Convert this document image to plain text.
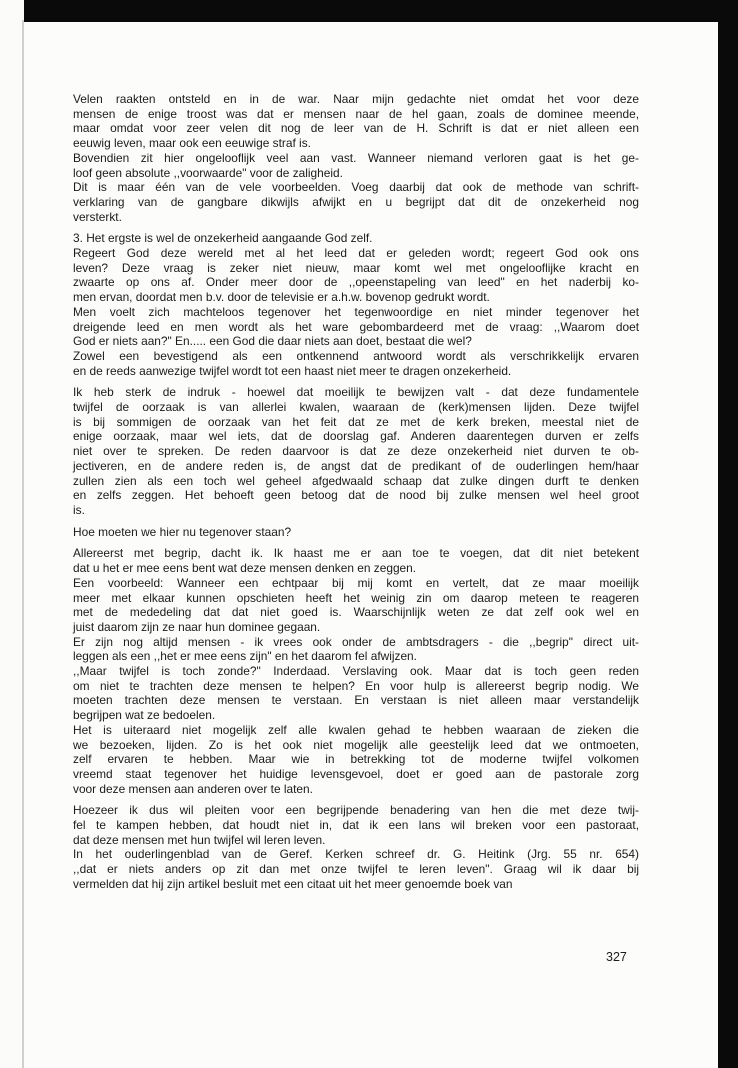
Velen raakten ontsteld en in de war. Naar mijn gedachte niet omdat het voor deze
mensen de enige troost was dat er mensen naar de hel gaan, zoals de dominee meende,
maar omdat voor zeer velen dit nog de leer van de H. Schrift is dat er niet alleen een
eeuwig leven, maar ook een eeuwige straf is.
Bovendien zit hier ongelooflijk veel aan vast. Wanneer niemand verloren gaat is het ge-
loof geen absolute ,,voorwaarde" voor de zaligheid.
Dit is maar één van de vele voorbeelden. Voeg daarbij dat ook de methode van schrift-
verklaring van de gangbare dikwijls afwijkt en u begrijpt dat dit de onzekerheid nog
versterkt.
3. Het ergste is wel de onzekerheid aangaande God zelf.
Regeert God deze wereld met al het leed dat er geleden wordt; regeert God ook ons
leven? Deze vraag is zeker niet nieuw, maar komt wel met ongelooflijke kracht en
zwaarte op ons af. Onder meer door de ,,opeenstapeling van leed" en het naderbij ko-
men ervan, doordat men b.v. door de televisie er a.h.w. bovenop gedrukt wordt.
Men voelt zich machteloos tegenover het tegenwoordige en niet minder tegenover het
dreigende leed en men wordt als het ware gebombardeerd met de vraag: ,,Waarom doet
God er niets aan?" En..... een God die daar niets aan doet, bestaat die wel?
Zowel een bevestigend als een ontkennend antwoord wordt als verschrikkelijk ervaren
en de reeds aanwezige twijfel wordt tot een haast niet meer te dragen onzekerheid.
Ik heb sterk de indruk - hoewel dat moeilijk te bewijzen valt - dat deze fundamentele
twijfel de oorzaak is van allerlei kwalen, waaraan de (kerk)mensen lijden. Deze twijfel
is bij sommigen de oorzaak van het feit dat ze met de kerk breken, meestal niet de
enige oorzaak, maar wel iets, dat de doorslag gaf. Anderen daarentegen durven er zelfs
niet over te spreken. De reden daarvoor is dat ze deze onzekerheid niet durven te ob-
jectiveren, en de andere reden is, de angst dat de predikant of de ouderlingen hem/haar
zullen zien als een toch wel geheel afgedwaald schaap dat zulke dingen durft te denken
en zelfs zeggen. Het behoeft geen betoog dat de nood bij zulke mensen wel heel groot
is.
Hoe moeten we hier nu tegenover staan?
Allereerst met begrip, dacht ik. Ik haast me er aan toe te voegen, dat dit niet betekent
dat u het er mee eens bent wat deze mensen denken en zeggen.
Een voorbeeld: Wanneer een echtpaar bij mij komt en vertelt, dat ze maar moeilijk
meer met elkaar kunnen opschieten heeft het weinig zin om daarop meteen te reageren
met de mededeling dat dat niet goed is. Waarschijnlijk weten ze dat zelf ook wel en
juist daarom zijn ze naar hun dominee gegaan.
Er zijn nog altijd mensen - ik vrees ook onder de ambtsdragers - die ,,begrip" direct uit-
leggen als een ,,het er mee eens zijn" en het daarom fel afwijzen.
,,Maar twijfel is toch zonde?" Inderdaad. Verslaving ook. Maar dat is toch geen reden
om niet te trachten deze mensen te helpen? En voor hulp is allereerst begrip nodig. We
moeten trachten deze mensen te verstaan. En verstaan is niet alleen maar verstandelijk
begrijpen wat ze bedoelen.
Het is uiteraard niet mogelijk zelf alle kwalen gehad te hebben waaraan de zieken die
we bezoeken, lijden. Zo is het ook niet mogelijk alle geestelijk leed dat we ontmoeten,
zelf ervaren te hebben. Maar wie in betrekking tot de moderne twijfel volkomen
vreemd staat tegenover het huidige levensgevoel, doet er goed aan de pastorale zorg
voor deze mensen aan anderen over te laten.
Hoezeer ik dus wil pleiten voor een begrijpende benadering van hen die met deze twij-
fel te kampen hebben, dat houdt niet in, dat ik een lans wil breken voor een pastoraat,
dat deze mensen met hun twijfel wil leren leven.
In het ouderlingenblad van de Geref. Kerken schreef dr. G. Heitink (Jrg. 55 nr. 654)
,,dat er niets anders op zit dan met onze twijfel te leren leven". Graag wil ik daar bij
vermelden dat hij zijn artikel besluit met een citaat uit het meer genoemde boek van
327
